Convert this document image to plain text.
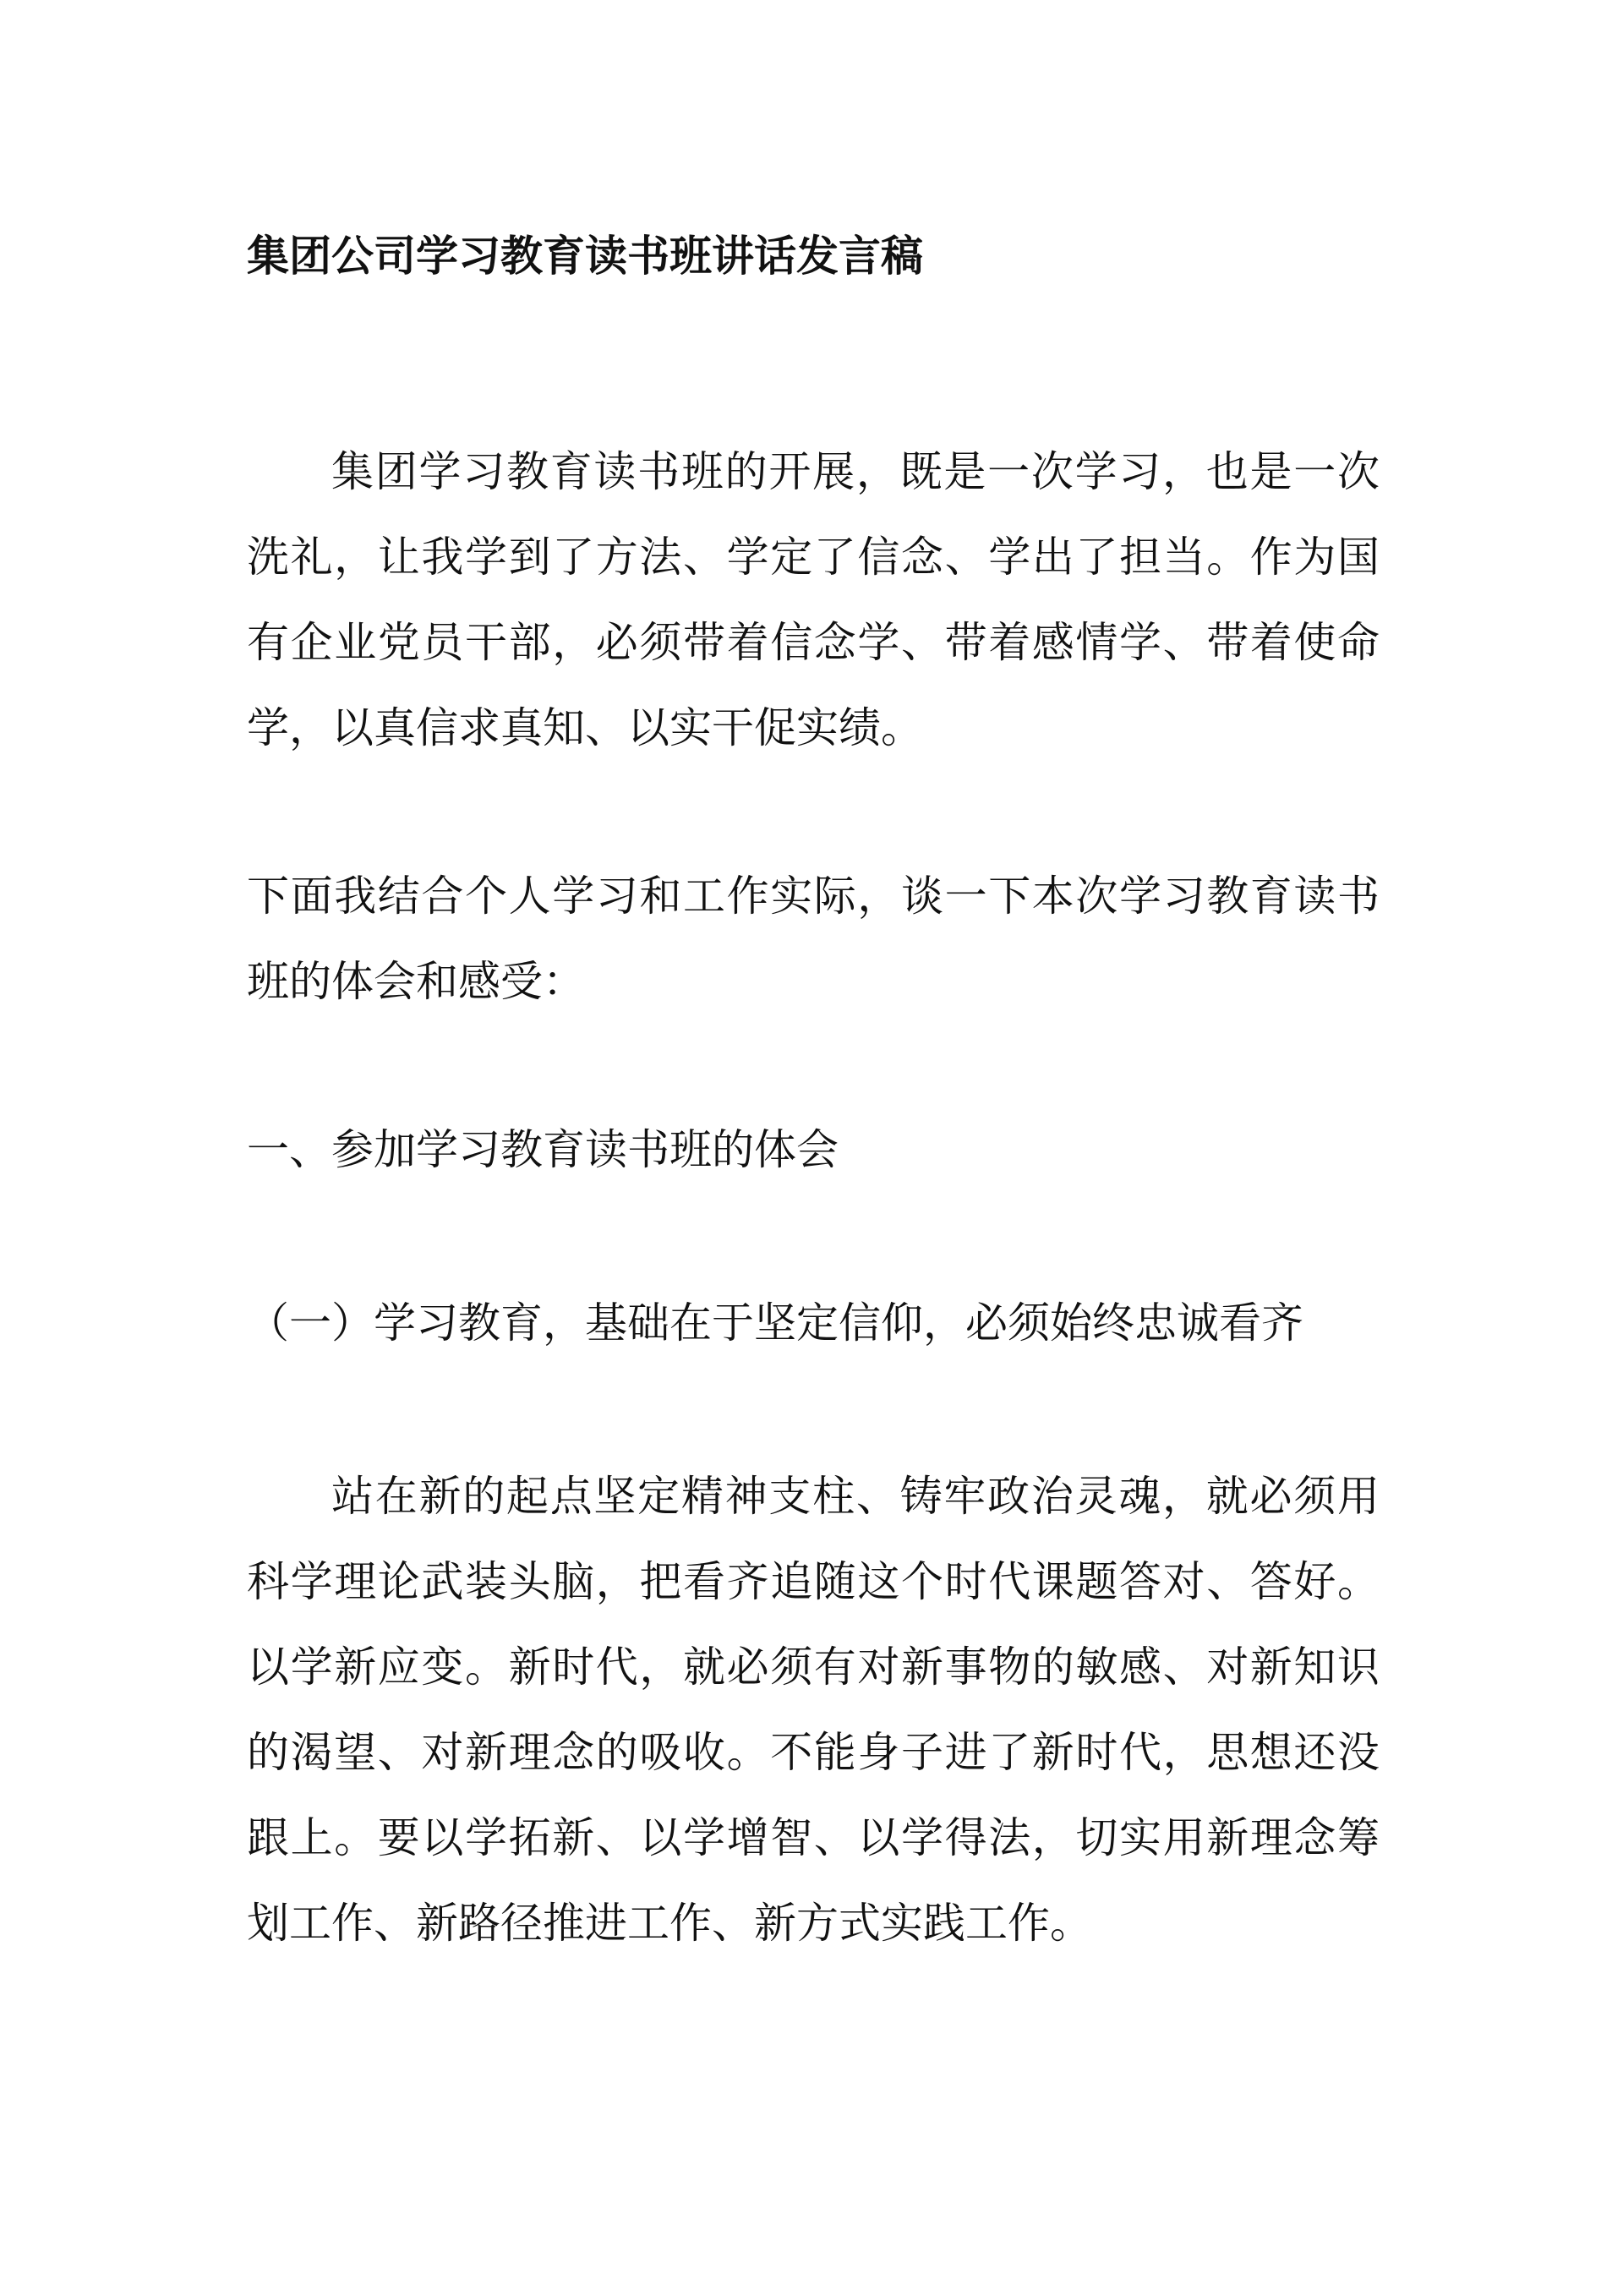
集团公司学习教育读书班讲话发言稿

集团学习教育读书班的开展，既是一次学习，也是一次洗礼，让我学到了方法、学定了信念、学出了担当。作为国有企业党员干部，必须带着信念学、带着感情学、带着使命学，以真信求真知、以实干促实绩。

下面我结合个人学习和工作实际，谈一下本次学习教育读书班的体会和感受：

一、参加学习教育读书班的体会

（一）学习教育，基础在于坚定信仰，必须始终忠诚看齐

站在新的起点坚定精神支柱、铸牢政治灵魂，就必须用科学理论武装头脑，把看齐追随这个时代课题答对、答好。以学新应变。新时代，就必须有对新事物的敏感、对新知识的渴望、对新理念的吸收。不能身子进了新时代，思想还没跟上。要以学拓新、以学增智、以学得法，切实用新理念筹划工作、新路径推进工作、新方式实践工作。
